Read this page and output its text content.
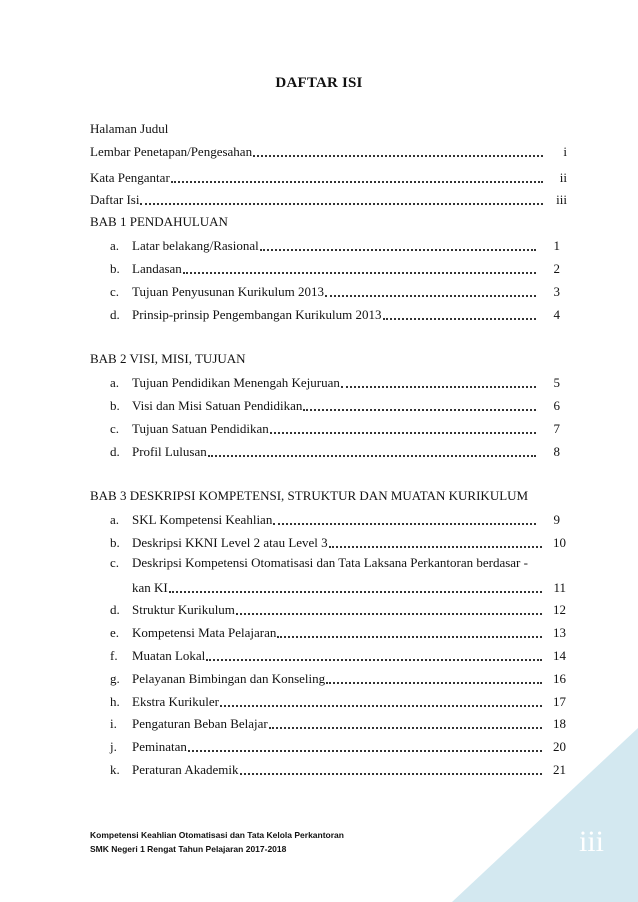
DAFTAR ISI
Halaman Judul
Lembar Penetapan/Pengesahan	i
Kata Pengantar	ii
Daftar Isi	iii
BAB 1 PENDAHULUAN
a. Latar belakang/Rasional	1
b. Landasan	2
c. Tujuan Penyusunan Kurikulum 2013	3
d. Prinsip-prinsip Pengembangan Kurikulum 2013	4
BAB 2 VISI, MISI, TUJUAN
a. Tujuan Pendidikan Menengah Kejuruan	5
b. Visi dan Misi Satuan Pendidikan	6
c. Tujuan Satuan Pendidikan	7
d. Profil Lulusan	8
BAB 3 DESKRIPSI KOMPETENSI, STRUKTUR DAN MUATAN KURIKULUM
a. SKL Kompetensi Keahlian	9
b. Deskripsi KKNI Level 2 atau Level 3	10
c. Deskripsi Kompetensi Otomatisasi dan Tata Laksana Perkantoran berdasar -
kan KI	11
d. Struktur Kurikulum	12
e. Kompetensi Mata Pelajaran	13
f. Muatan Lokal	14
g. Pelayanan Bimbingan dan Konseling	16
h. Ekstra Kurikuler	17
i. Pengaturan Beban Belajar	18
j. Peminatan	20
k. Peraturan Akademik	21
Kompetensi Keahlian Otomatisasi dan Tata Kelola Perkantoran
SMK Negeri 1 Rengat Tahun Pelajaran 2017-2018	iii
